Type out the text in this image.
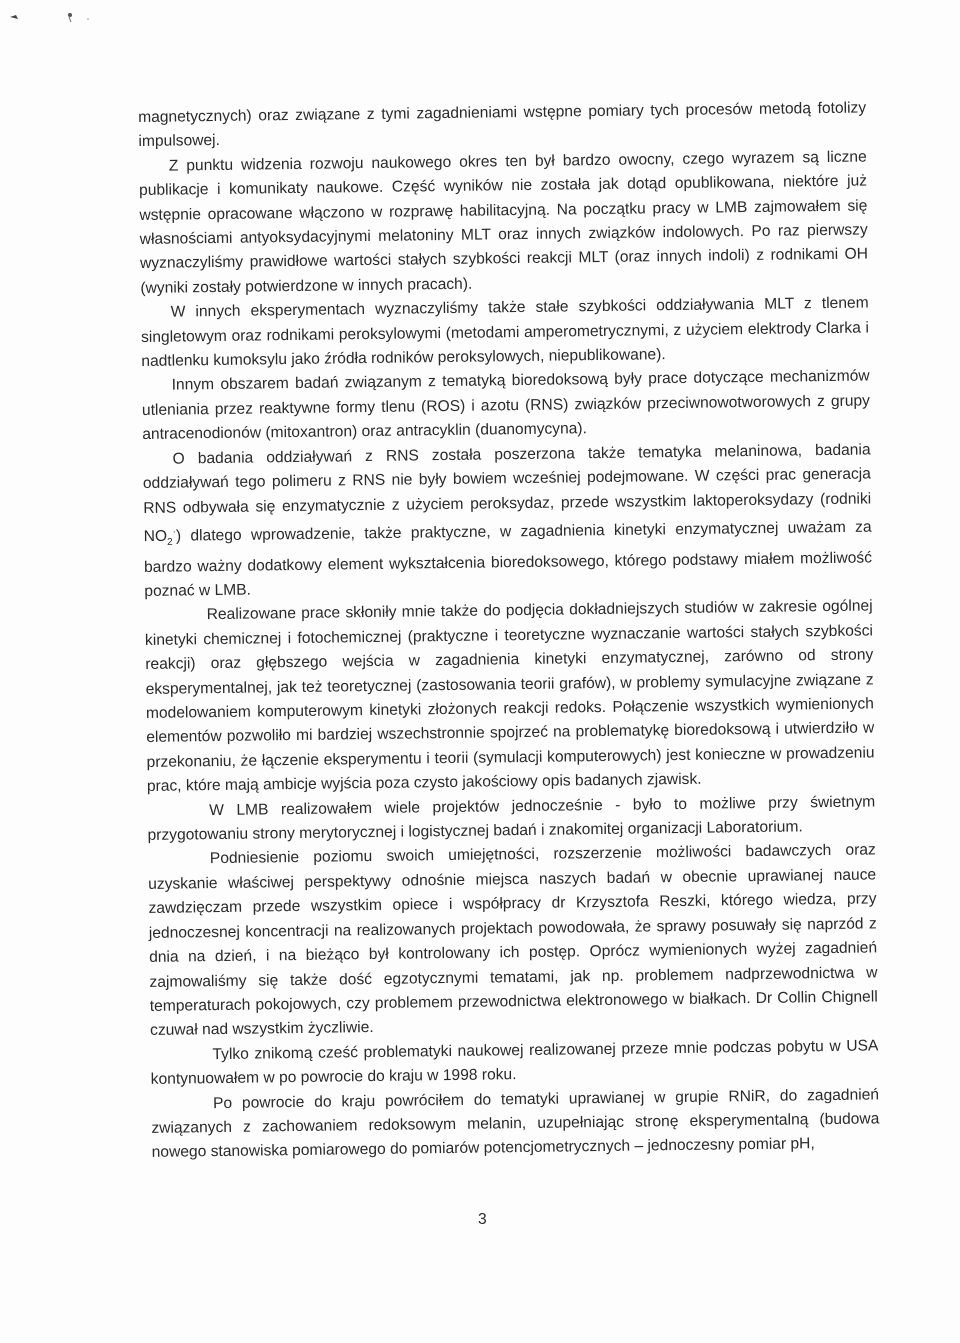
magnetycznych) oraz związane z tymi zagadnieniami wstępne pomiary tych procesów metodą fotolizy impulsowej.

Z punktu widzenia rozwoju naukowego okres ten był bardzo owocny, czego wyrazem są liczne publikacje i komunikaty naukowe. Część wyników nie została jak dotąd opublikowana, niektóre już wstępnie opracowane włączono w rozprawę habilitacyjną. Na początku pracy w LMB zajmowałem się własnościami antyoksydacyjnymi melatoniny MLT oraz innych związków indolowych. Po raz pierwszy wyznaczyliśmy prawidłowe wartości stałych szybkości reakcji MLT (oraz innych indoli) z rodnikami OH (wyniki zostały potwierdzone w innych pracach).

W innych eksperymentach wyznaczyliśmy także stałe szybkości oddziaływania MLT z tlenem singletowym oraz rodnikami peroksylowymi (metodami amperometrycznymi, z użyciem elektrody Clarka i nadtlenku kumoksylu jako źródła rodników peroksylowych, niepublikowane).

Innym obszarem badań związanym z tematyką bioredoksową były prace dotyczące mechanizmów utleniania przez reaktywne formy tlenu (ROS) i azotu (RNS) związków przeciwnowotworowych z grupy antracenodionów (mitoxantron) oraz antracyklin (duanomycyna).

O badania oddziaływań z RNS została poszerzona także tematyka melaninowa, badania oddziaływań tego polimeru z RNS nie były bowiem wcześniej podejmowane. W części prac generacja RNS odbywała się enzymatycznie z użyciem peroksydaz, przede wszystkim laktoperoksydazy (rodniki $NO_2^\cdot$) dlatego wprowadzenie, także praktyczne, w zagadnienia kinetyki enzymatycznej uważam za bardzo ważny dodatkowy element wykształcenia bioredoksowego, którego podstawy miałem możliwość poznać w LMB.

Realizowane prace skłoniły mnie także do podjęcia dokładniejszych studiów w zakresie ogólnej kinetyki chemicznej i fotochemicznej (praktyczne i teoretyczne wyznaczanie wartości stałych szybkości reakcji) oraz głębszego wejścia w zagadnienia kinetyki enzymatycznej, zarówno od strony eksperymentalnej, jak też teoretycznej (zastosowania teorii grafów), w problemy symulacyjne związane z modelowaniem komputerowym kinetyki złożonych reakcji redoks. Połączenie wszystkich wymienionych elementów pozwoliło mi bardziej wszechstronnie spojrzeć na problematykę bioredoksową i utwierdziło w przekonaniu, że łączenie eksperymentu i teorii (symulacji komputerowych) jest konieczne w prowadzeniu prac, które mają ambicje wyjścia poza czysto jakościowy opis badanych zjawisk.

W LMB realizowałem wiele projektów jednocześnie - było to możliwe przy świetnym przygotowaniu strony merytorycznej i logistycznej badań i znakomitej organizacji Laboratorium.

Podniesienie poziomu swoich umiejętności, rozszerzenie możliwości badawczych oraz uzyskanie właściwej perspektywy odnośnie miejsca naszych badań w obecnie uprawianej nauce zawdzięczam przede wszystkim opiece i współpracy dr Krzysztofa Reszki, którego wiedza, przy jednoczesnej koncentracji na realizowanych projektach powodowała, że sprawy posuwały się naprzód z dnia na dzień, i na bieżąco był kontrolowany ich postęp. Oprócz wymienionych wyżej zagadnień zajmowaliśmy się także dość egzotycznymi tematami, jak np. problemem nadprzewodnictwa w temperaturach pokojowych, czy problemem przewodnictwa elektronowego w białkach. Dr Collin Chignell czuwał nad wszystkim życzliwie.

Tylko znikomą cześć problematyki naukowej realizowanej przeze mnie podczas pobytu w USA kontynuowałem w po powrocie do kraju w 1998 roku.

Po powrocie do kraju powróciłem do tematyki uprawianej w grupie RNiR, do zagadnień związanych z zachowaniem redoksowym melanin, uzupełniając stronę eksperymentalną (budowa nowego stanowiska pomiarowego do pomiarów potencjometrycznych – jednoczesny pomiar pH,

3
